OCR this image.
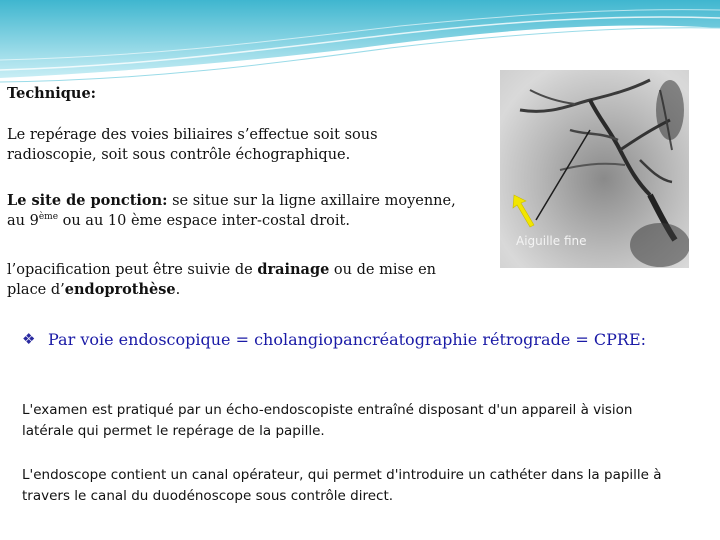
Technique:
Le repérage des voies biliaires s’effectue soit sous radioscopie, soit sous contrôle échographique.
Le site de ponction: se situe sur la ligne axillaire moyenne, au 9ème ou au 10 ème espace inter-costal droit.
l’opacification peut être suivie de drainage ou de mise en place d’endoprothèse.
Aiguille fine
❖ Par voie endoscopique = cholangiopancréatographie rétrograde = CPRE:
L'examen est pratiqué par un écho-endoscopiste entraîné disposant d'un appareil à vision latérale qui permet le repérage de la papille.
L'endoscope contient un canal opérateur, qui permet d'introduire un cathéter dans la papille à travers le canal du duodénoscope sous contrôle direct.
